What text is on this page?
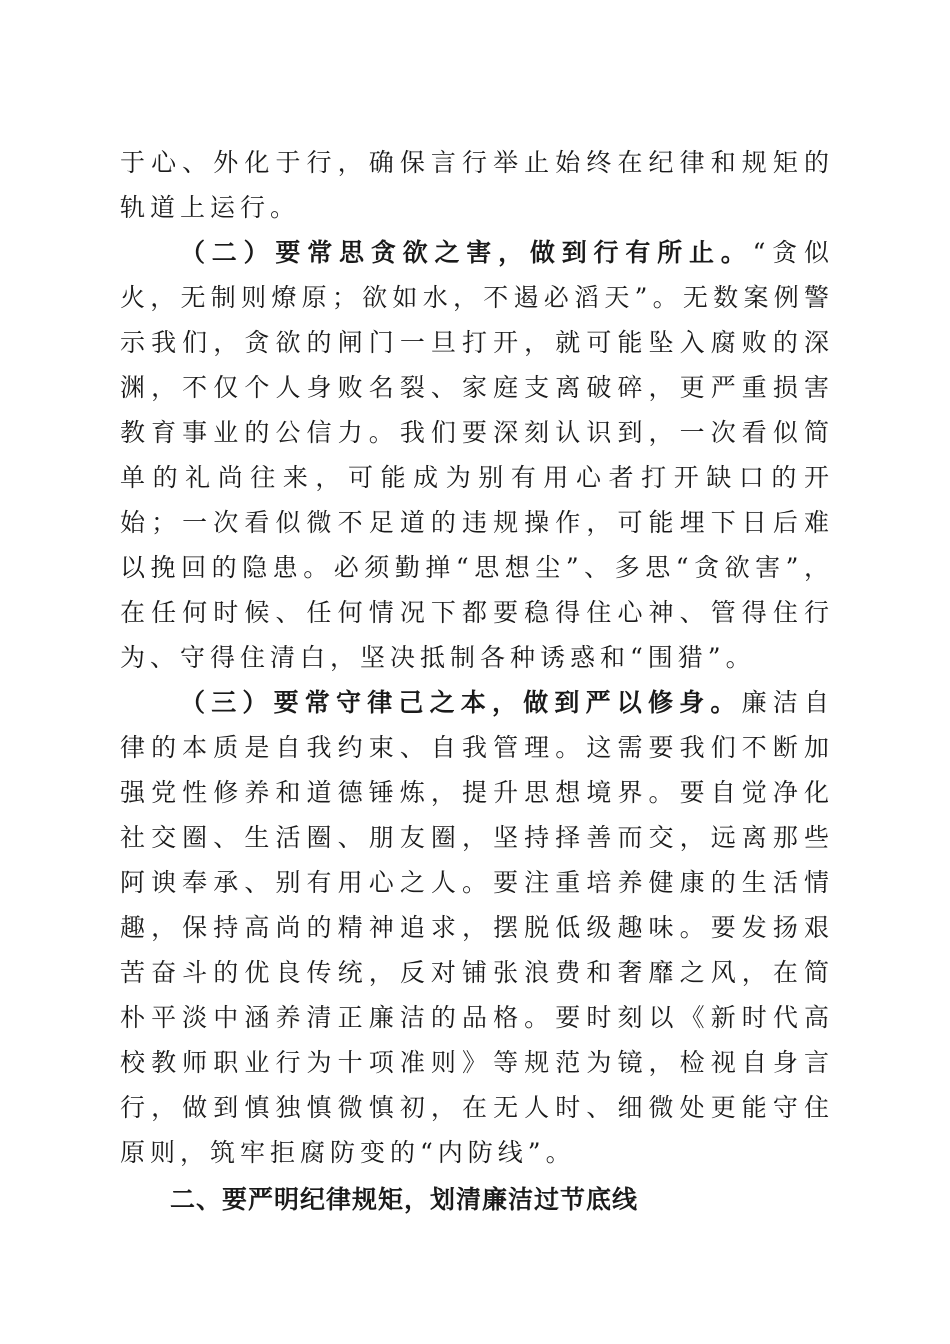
于心、外化于行，确保言行举止始终在纪律和规矩的轨道上运行。

（二）要常思贪欲之害，做到行有所止。“贪似火，无制则燎原；欲如水，不遏必滔天”。无数案例警示我们，贪欲的闸门一旦打开，就可能坠入腐败的深渊，不仅个人身败名裂、家庭支离破碎，更严重损害教育事业的公信力。我们要深刻认识到，一次看似简单的礼尚往来，可能成为别有用心者打开缺口的开始；一次看似微不足道的违规操作，可能埋下日后难以挽回的隐患。必须勤掸“思想尘”、多思“贪欲害”，在任何时候、任何情况下都要稳得住心神、管得住行为、守得住清白，坚决抵制各种诱惑和“围猎”。

（三）要常守律己之本，做到严以修身。廉洁自律的本质是自我约束、自我管理。这需要我们不断加强党性修养和道德锤炼，提升思想境界。要自觉净化社交圈、生活圈、朋友圈，坚持择善而交，远离那些阿谀奉承、别有用心之人。要注重培养健康的生活情趣，保持高尚的精神追求，摆脱低级趣味。要发扬艰苦奋斗的优良传统，反对铺张浪费和奢靡之风，在简朴平淡中涵养清正廉洁的品格。要时刻以《新时代高校教师职业行为十项准则》等规范为镜，检视自身言行，做到慎独慎微慎初，在无人时、细微处更能守住原则，筑牢拒腐防变的“内防线”。

二、要严明纪律规矩，划清廉洁过节底线
